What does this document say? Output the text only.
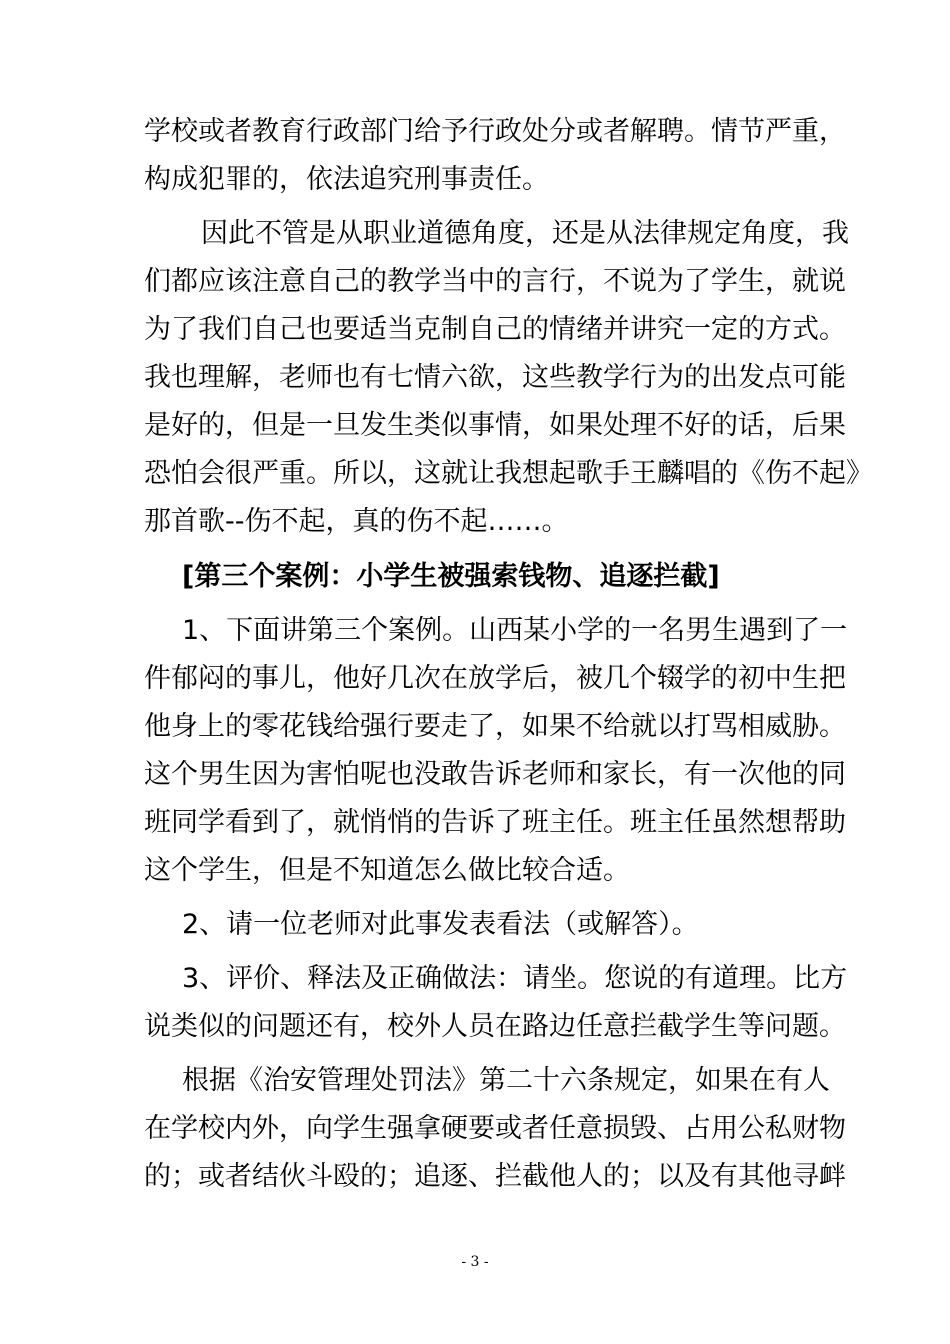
学校或者教育行政部门给予行政处分或者解聘。情节严重，
构成犯罪的，依法追究刑事责任。
因此不管是从职业道德角度，还是从法律规定角度，我
们都应该注意自己的教学当中的言行，不说为了学生，就说
为了我们自己也要适当克制自己的情绪并讲究一定的方式。
我也理解，老师也有七情六欲，这些教学行为的出发点可能
是好的，但是一旦发生类似事情，如果处理不好的话，后果
恐怕会很严重。所以，这就让我想起歌手王麟唱的《伤不起》
那首歌--伤不起，真的伤不起……。
[第三个案例：小学生被强索钱物、追逐拦截]
1、下面讲第三个案例。山西某小学的一名男生遇到了一
件郁闷的事儿，他好几次在放学后，被几个辍学的初中生把
他身上的零花钱给强行要走了，如果不给就以打骂相威胁。
这个男生因为害怕呢也没敢告诉老师和家长，有一次他的同
班同学看到了，就悄悄的告诉了班主任。班主任虽然想帮助
这个学生，但是不知道怎么做比较合适。
2、请一位老师对此事发表看法（或解答）。
3、评价、释法及正确做法：请坐。您说的有道理。比方
说类似的问题还有，校外人员在路边任意拦截学生等问题。
根据《治安管理处罚法》第二十六条规定，如果在有人
在学校内外，向学生强拿硬要或者任意损毁、占用公私财物
的；或者结伙斗殴的；追逐、拦截他人的；以及有其他寻衅
- 3 -
